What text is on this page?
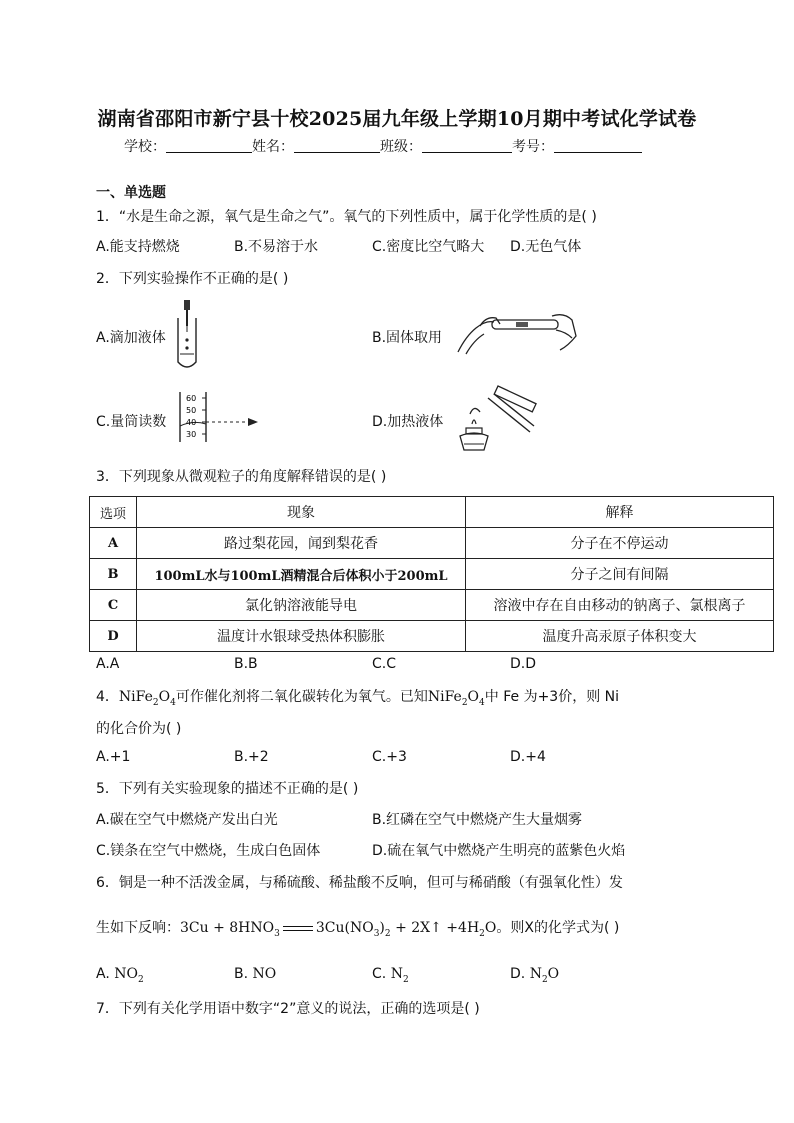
湖南省邵阳市新宁县十校2025届九年级上学期10月期中考试化学试卷
学校：	姓名：	班级：	考号：
一、单选题
1．“水是生命之源，氧气是生命之气”。氧气的下列性质中，属于化学性质的是( )
A.能支持燃烧	B.不易溶于水	C.密度比空气略大 D.无色气体
2．下列实验操作不正确的是( )
A.滴加液体	B.固体取用
C.量筒读数
60
50
40
30
D.加热液体
3．下列现象从微观粒子的角度解释错误的是( )
选项	现象	解释
A	路过梨花园，闻到梨花香	分子在不停运动
B	100mL水与100mL酒精混合后体积小于200mL	分子之间有间隔
C	氯化钠溶液能导电	溶液中存在自由移动的钠离子、氯根离子
D	温度计水银球受热体积膨胀	温度升高汞原子体积变大
A.A	B.B	C.C	D.D
4．$NiFe_2O_4$可作催化剂将二氧化碳转化为氧气。已知$NiFe_2O_4$中 Fe 为+3价，则 Ni
的化合价为( )
A.+1	B.+2	C.+3	D.+4
5．下列有关实验现象的描述不正确的是( )
A.碳在空气中燃烧产发出白光	B.红磷在空气中燃烧产生大量烟雾
C.镁条在空气中燃烧，生成白色固体	D.硫在氧气中燃烧产生明亮的蓝紫色火焰
6．铜是一种不活泼金属，与稀硫酸、稀盐酸不反响，但可与稀硝酸（有强氧化性）发
生如下反响：$3Cu + 8HNO_3$	$3Cu(NO_3)_2$ + 2X↑ $+4H_2O$。则X的化学式为( )
A. $NO_2$	B. NO	C. $N_2$	D. $N_2O$
7．下列有关化学用语中数字“2”意义的说法，正确的选项是( )
